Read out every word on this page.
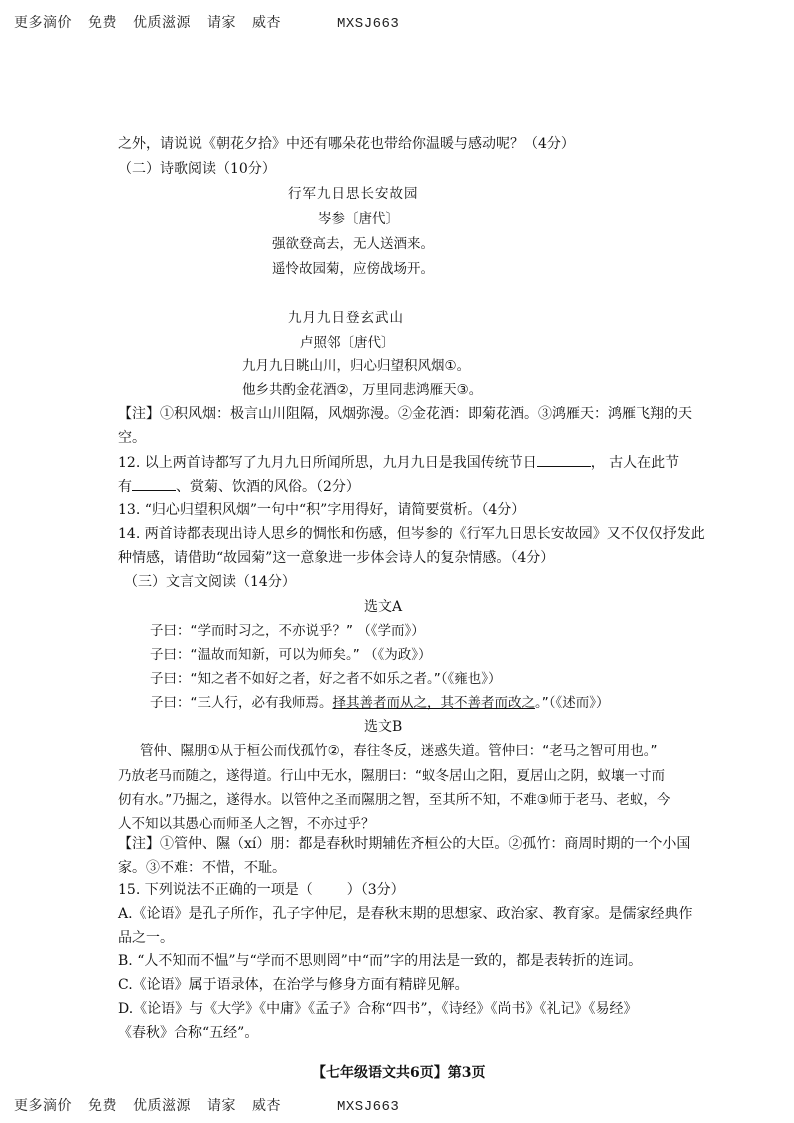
更多滴价 免费 优质滋源 请家 威杏	MXSJ663
之外，请说说《朝花夕拾》中还有哪朵花也带给你温暖与感动呢？（4分）
（二）诗歌阅读（10分）
行军九日思长安故园
岑参〔唐代〕
强欲登高去，无人送酒来。
遥怜故园菊，应傍战场开。
九月九日登玄武山
卢照邻〔唐代〕
九月九日眺山川，归心归望积风烟①。
他乡共酌金花酒②，万里同悲鸿雁天③。
【注】①积风烟：极言山川阻隔，风烟弥漫。②金花酒：即菊花酒。③鸿雁天：鸿雁飞翔的天
空。
12. 以上两首诗都写了九月九日所闻所思，九月九日是我国传统节日	， 古人在此节
有	、赏菊、饮酒的风俗。（2分）
13. “归心归望积风烟”一句中“积”字用得好，请简要赏析。（4分）
14. 两首诗都表现出诗人思乡的惆怅和伤感，但岑参的《行军九日思长安故园》又不仅仅抒发此
种情感，请借助“故园菊”这一意象进一步体会诗人的复杂情感。（4分）
（三）文言文阅读（14分）
选文A
子曰：“学而时习之，不亦说乎？” （《学而》）
子曰：“温故而知新，可以为师矣。” （《为政》）
子曰：“知之者不如好之者，好之者不如乐之者。”（《雍也》）
子曰：“三人行，必有我师焉。择其善者而从之，其不善者而改之。”（《述而》）
选文B
管仲、隰朋①从于桓公而伐孤竹②，春往冬反，迷惑失道。管仲曰：“老马之智可用也。”
乃放老马而随之，遂得道。行山中无水，隰朋曰：“蚁冬居山之阳，夏居山之阴，蚁壤一寸而
仞有水。”乃掘之，遂得水。以管仲之圣而隰朋之智，至其所不知，不难③师于老马、老蚁，今
人不知以其愚心而师圣人之智，不亦过乎？
【注】①管仲、隰（xí）朋：都是春秋时期辅佐齐桓公的大臣。②孤竹：商周时期的一个小国
家。③不难：不惜，不耻。
15. 下列说法不正确的一项是（ ）（3分）
A.《论语》是孔子所作，孔子字仲尼，是春秋末期的思想家、政治家、教育家。是儒家经典作
品之一。
B. “人不知而不愠”与“学而不思则罔”中“而”字的用法是一致的，都是表转折的连词。
C.《论语》属于语录体，在治学与修身方面有精辟见解。
D.《论语》与《大学》《中庸》《孟子》合称“四书”，《诗经》《尚书》《礼记》《易经》
《春秋》合称“五经”。
【七年级语文共6页】第3页
更多滴价 免费 优质滋源 请家 威杏	MXSJ663
